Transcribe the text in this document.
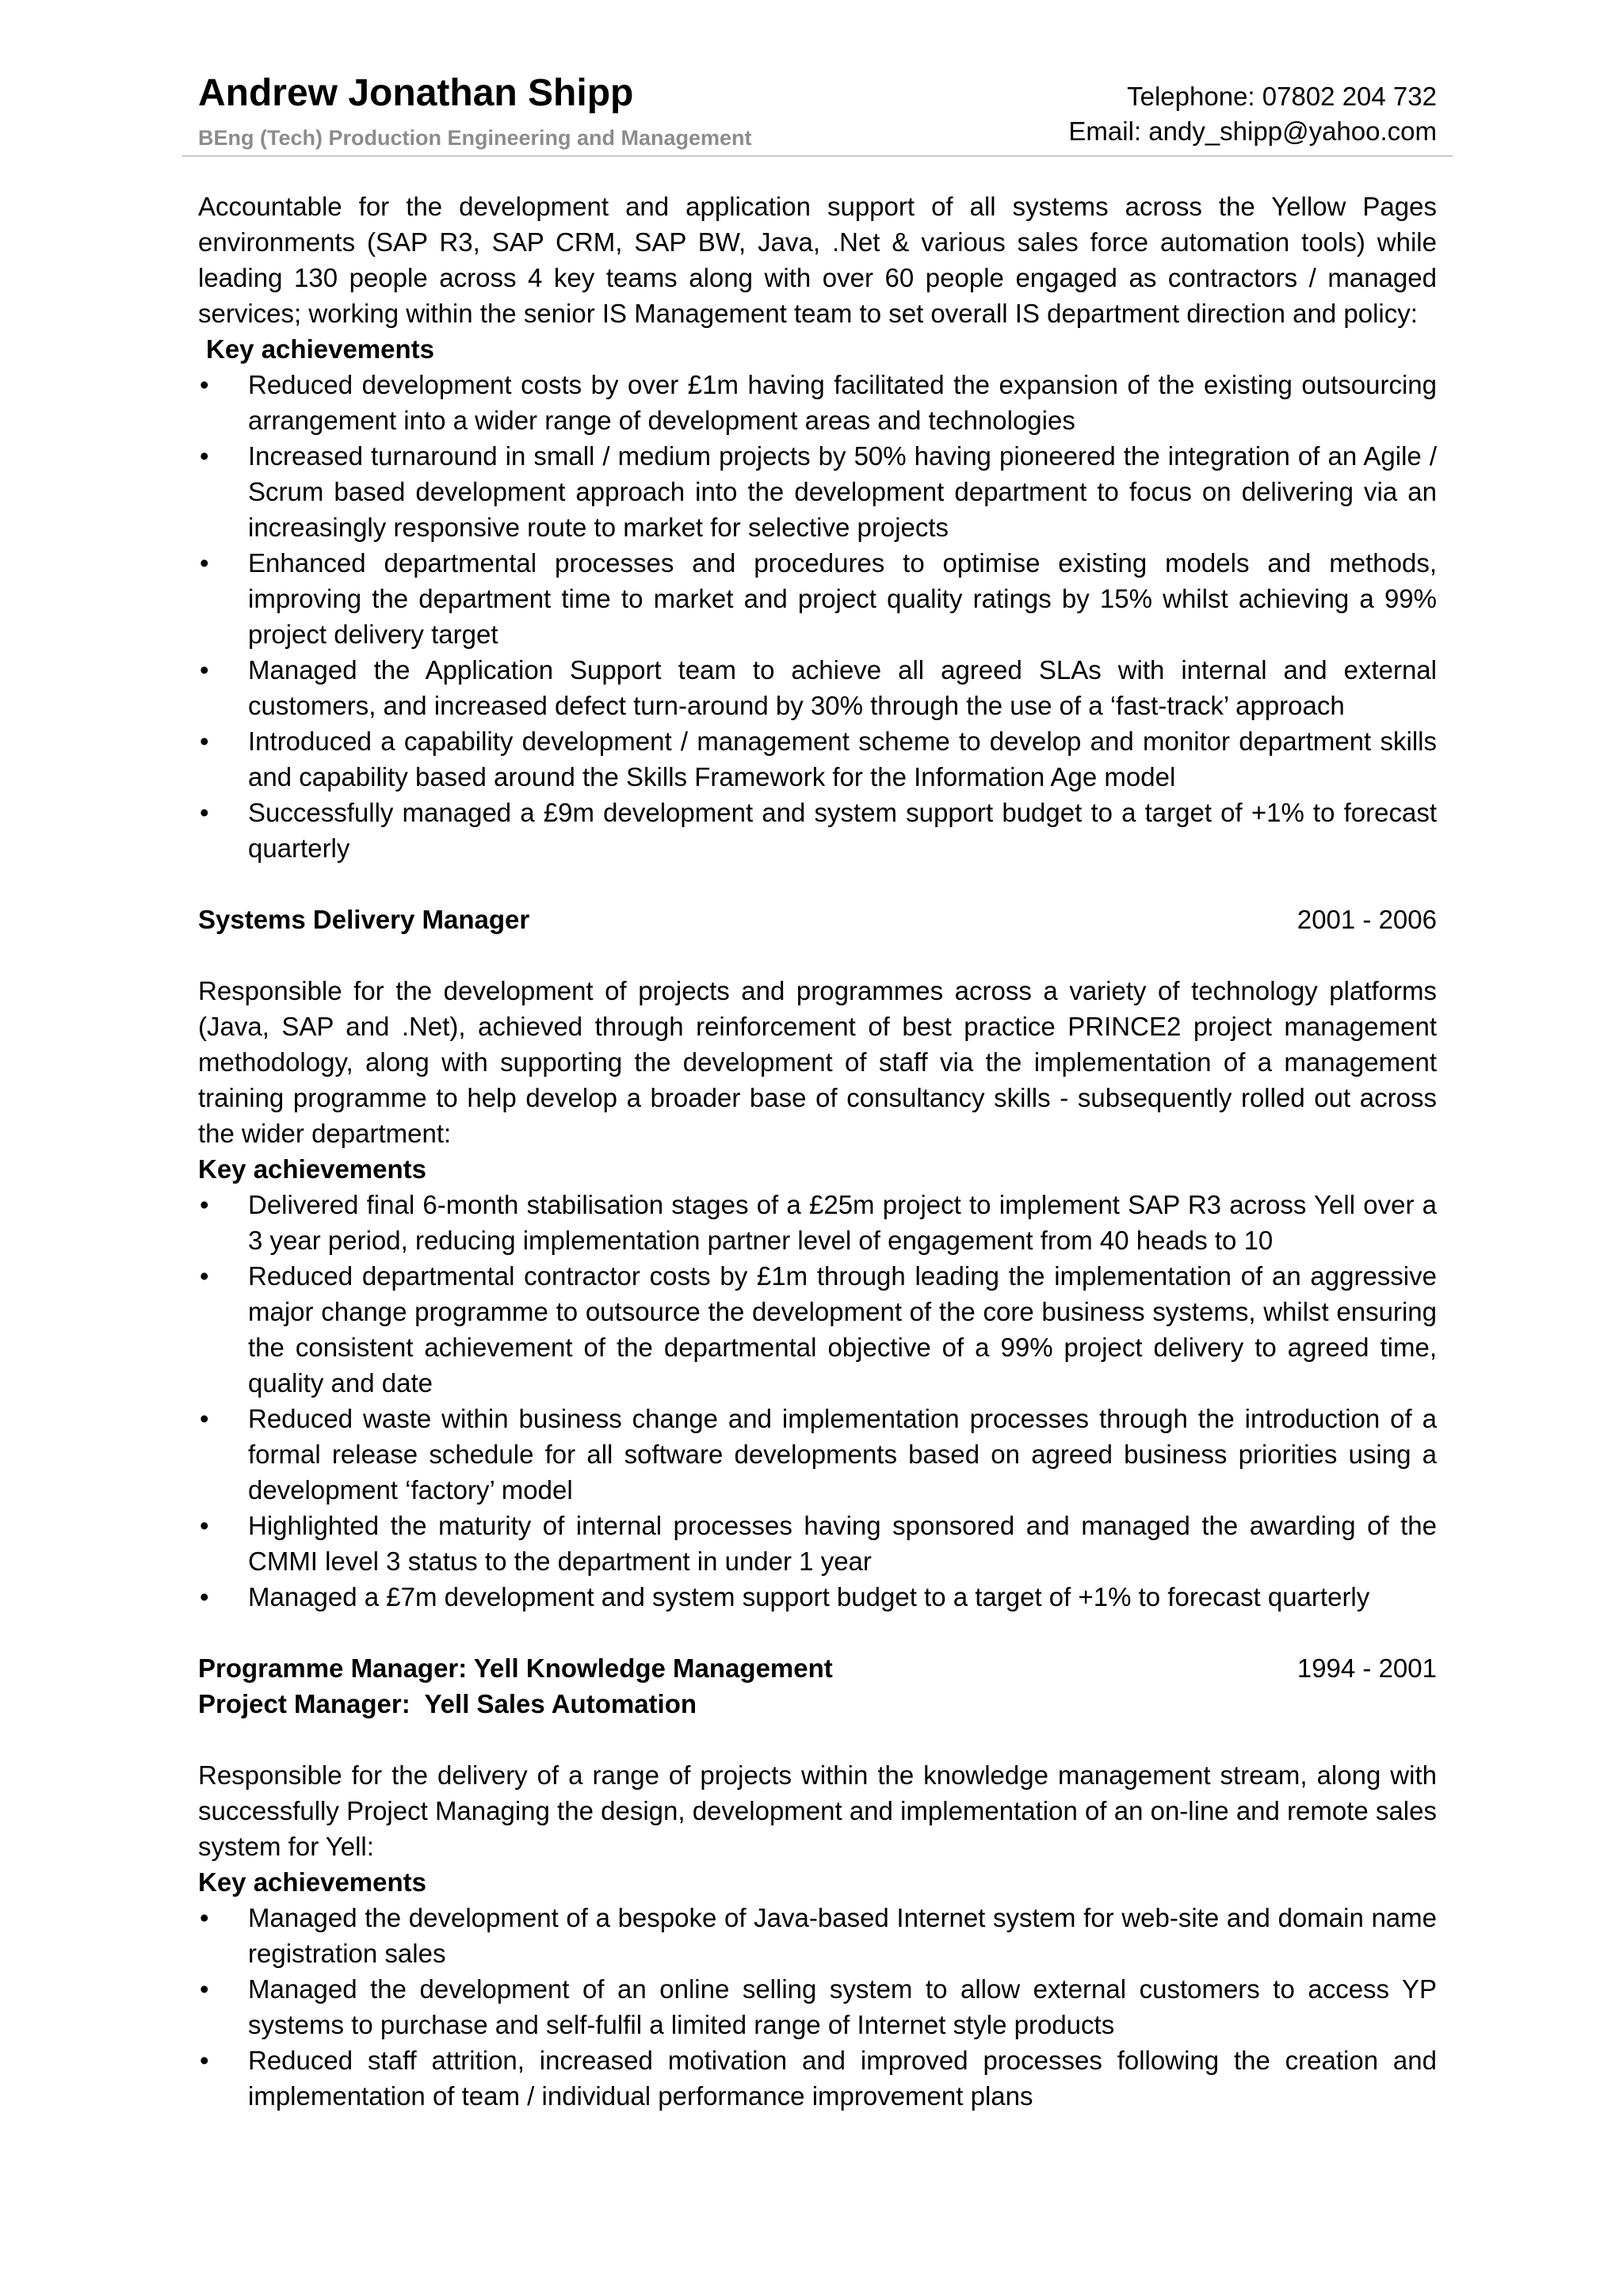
Andrew Jonathan Shipp
BEng (Tech) Production Engineering and Management
Telephone: 07802 204 732
Email: andy_shipp@yahoo.com

Accountable for the development and application support of all systems across the Yellow Pages environments (SAP R3, SAP CRM, SAP BW, Java, .Net & various sales force automation tools) while leading 130 people across 4 key teams along with over 60 people engaged as contractors / managed services; working within the senior IS Management team to set overall IS department direction and policy:

Key achievements
• Reduced development costs by over £1m having facilitated the expansion of the existing outsourcing arrangement into a wider range of development areas and technologies
• Increased turnaround in small / medium projects by 50% having pioneered the integration of an Agile / Scrum based development approach into the development department to focus on delivering via an increasingly responsive route to market for selective projects
• Enhanced departmental processes and procedures to optimise existing models and methods, improving the department time to market and project quality ratings by 15% whilst achieving a 99% project delivery target
• Managed the Application Support team to achieve all agreed SLAs with internal and external customers, and increased defect turn-around by 30% through the use of a ‘fast-track’ approach
• Introduced a capability development / management scheme to develop and monitor department skills and capability based around the Skills Framework for the Information Age model
• Successfully managed a £9m development and system support budget to a target of +1% to forecast quarterly
Systems Delivery Manager	2001 - 2006

Responsible for the development of projects and programmes across a variety of technology platforms (Java, SAP and .Net), achieved through reinforcement of best practice PRINCE2 project management methodology, along with supporting the development of staff via the implementation of a management training programme to help develop a broader base of consultancy skills - subsequently rolled out across the wider department:

Key achievements
• Delivered final 6-month stabilisation stages of a £25m project to implement SAP R3 across Yell over a 3 year period, reducing implementation partner level of engagement from 40 heads to 10
• Reduced departmental contractor costs by £1m through leading the implementation of an aggressive major change programme to outsource the development of the core business systems, whilst ensuring the consistent achievement of the departmental objective of a 99% project delivery to agreed time, quality and date
• Reduced waste within business change and implementation processes through the introduction of a formal release schedule for all software developments based on agreed business priorities using a development ‘factory’ model
• Highlighted the maturity of internal processes having sponsored and managed the awarding of the CMMI level 3 status to the department in under 1 year
• Managed a £7m development and system support budget to a target of +1% to forecast quarterly
Programme Manager: Yell Knowledge Management	1994 - 2001
Project Manager:  Yell Sales Automation

Responsible for the delivery of a range of projects within the knowledge management stream, along with successfully Project Managing the design, development and implementation of an on-line and remote sales system for Yell:

Key achievements
• Managed the development of a bespoke of Java-based Internet system for web-site and domain name registration sales
• Managed the development of an online selling system to allow external customers to access YP systems to purchase and self-fulfil a limited range of Internet style products
• Reduced staff attrition, increased motivation and improved processes following the creation and implementation of team / individual performance improvement plans
